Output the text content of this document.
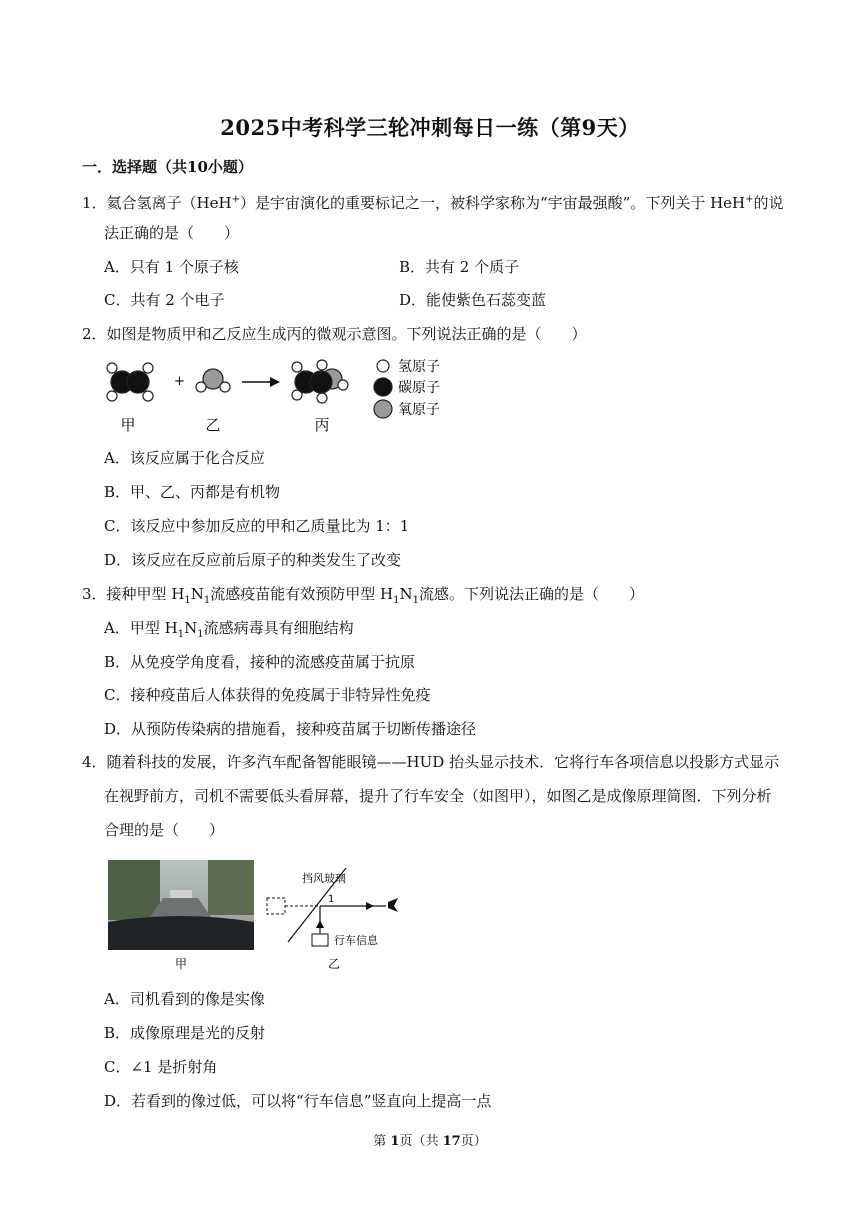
2025中考科学三轮冲刺每日一练（第9天）
一．选择题（共10小题）
1．氦合氢离子（HeH+）是宇宙演化的重要标记之一，被科学家称为“宇宙最强酸”。下列关于 HeH+的说
法正确的是（　　）
A．只有 1 个原子核	B．共有 2 个质子
C．共有 2 个电子	D．能使紫色石蕊变蓝
2．如图是物质甲和乙反应生成丙的微观示意图。下列说法正确的是（　　）
+
甲	乙	丙
氢原子
碳原子
氧原子
A．该反应属于化合反应
B．甲、乙、丙都是有机物
C．该反应中参加反应的甲和乙质量比为 1：1
D．该反应在反应前后原子的种类发生了改变
3．接种甲型 $H_1N_1$流感疫苗能有效预防甲型 $H_1N_1$流感。下列说法正确的是（　　）
A．甲型 $H_1N_1$流感病毒具有细胞结构
B．从免疫学角度看，接种的流感疫苗属于抗原
C．接种疫苗后人体获得的免疫属于非特异性免疫
D．从预防传染病的措施看，接种疫苗属于切断传播途径
4．随着科技的发展，许多汽车配备智能眼镜——HUD 抬头显示技术．它将行车各项信息以投影方式显示
在视野前方，司机不需要低头看屏幕，提升了行车安全（如图甲），如图乙是成像原理简图．下列分析
合理的是（　　）
甲
挡风玻璃
1
行车信息
乙
A．司机看到的像是实像
B．成像原理是光的反射
C．∠1 是折射角
D．若看到的像过低，可以将“行车信息”竖直向上提高一点
第 1页（共 17页）
